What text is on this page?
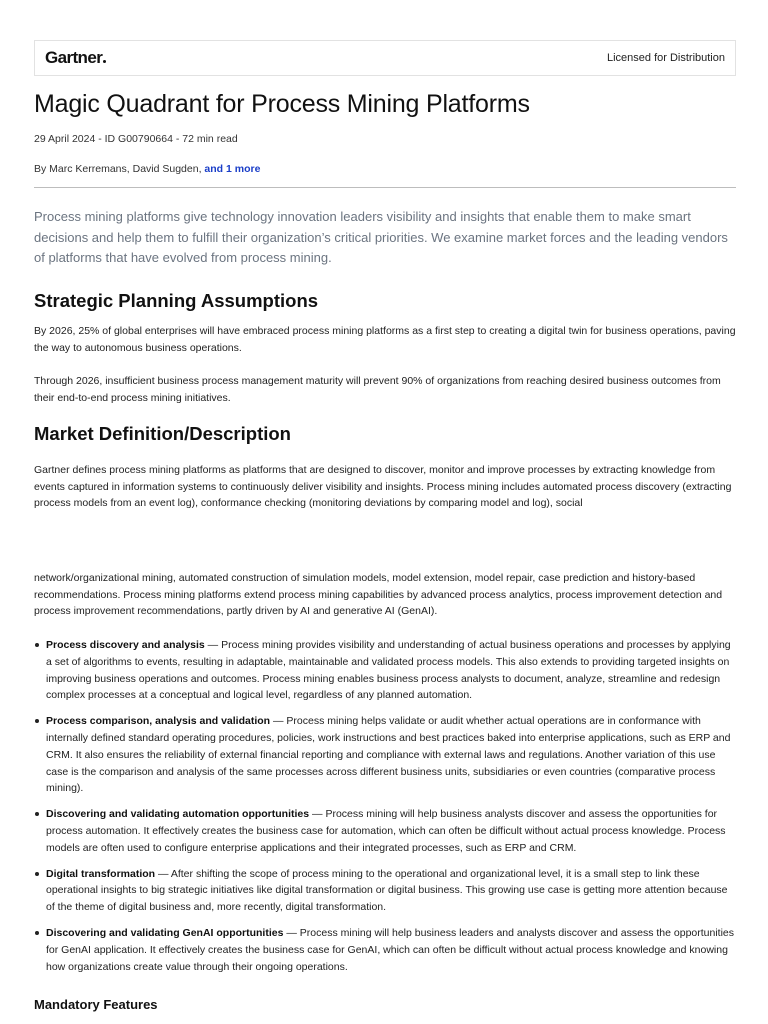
Gartner	Licensed for Distribution
Magic Quadrant for Process Mining Platforms
29 April 2024 - ID G00790664 - 72 min read
By Marc Kerremans, David Sugden, and 1 more

Process mining platforms give technology innovation leaders visibility and insights that enable them to make smart decisions and help them to fulfill their organization’s critical priorities. We examine market forces and the leading vendors of platforms that have evolved from process mining.

Strategic Planning Assumptions

By 2026, 25% of global enterprises will have embraced process mining platforms as a first step to creating a digital twin for business operations, paving the way to autonomous business operations.

Through 2026, insufficient business process management maturity will prevent 90% of organizations from reaching desired business outcomes from their end-to-end process mining initiatives.

Market Definition/Description

Gartner defines process mining platforms as platforms that are designed to discover, monitor and improve processes by extracting knowledge from events captured in information systems to continuously deliver visibility and insights. Process mining includes automated process discovery (extracting process models from an event log), conformance checking (monitoring deviations by comparing model and log), social

network/organizational mining, automated construction of simulation models, model extension, model repair, case prediction and history-based recommendations. Process mining platforms extend process mining capabilities by advanced process analytics, process improvement detection and process improvement recommendations, partly driven by AI and generative AI (GenAI).

Process discovery and analysis — Process mining provides visibility and understanding of actual business operations and processes by applying a set of algorithms to events, resulting in adaptable, maintainable and validated process models. This also extends to providing targeted insights on improving business operations and outcomes. Process mining enables business process analysts to document, analyze, streamline and redesign complex processes at a conceptual and logical level, regardless of any planned automation.
Process comparison, analysis and validation — Process mining helps validate or audit whether actual operations are in conformance with internally defined standard operating procedures, policies, work instructions and best practices baked into enterprise applications, such as ERP and CRM. It also ensures the reliability of external financial reporting and compliance with external laws and regulations. Another variation of this use case is the comparison and analysis of the same processes across different business units, subsidiaries or even countries (comparative process mining).
Discovering and validating automation opportunities — Process mining will help business analysts discover and assess the opportunities for process automation. It effectively creates the business case for automation, which can often be difficult without actual process knowledge. Process models are often used to configure enterprise applications and their integrated processes, such as ERP and CRM.
Digital transformation — After shifting the scope of process mining to the operational and organizational level, it is a small step to link these operational insights to big strategic initiatives like digital transformation or digital business. This growing use case is getting more attention because of the theme of digital business and, more recently, digital transformation.
Discovering and validating GenAI opportunities — Process mining will help business leaders and analysts discover and assess the opportunities for GenAI application. It effectively creates the business case for GenAI, which can often be difficult without actual process knowledge and knowing how organizations create value through their ongoing operations.
Mandatory Features
